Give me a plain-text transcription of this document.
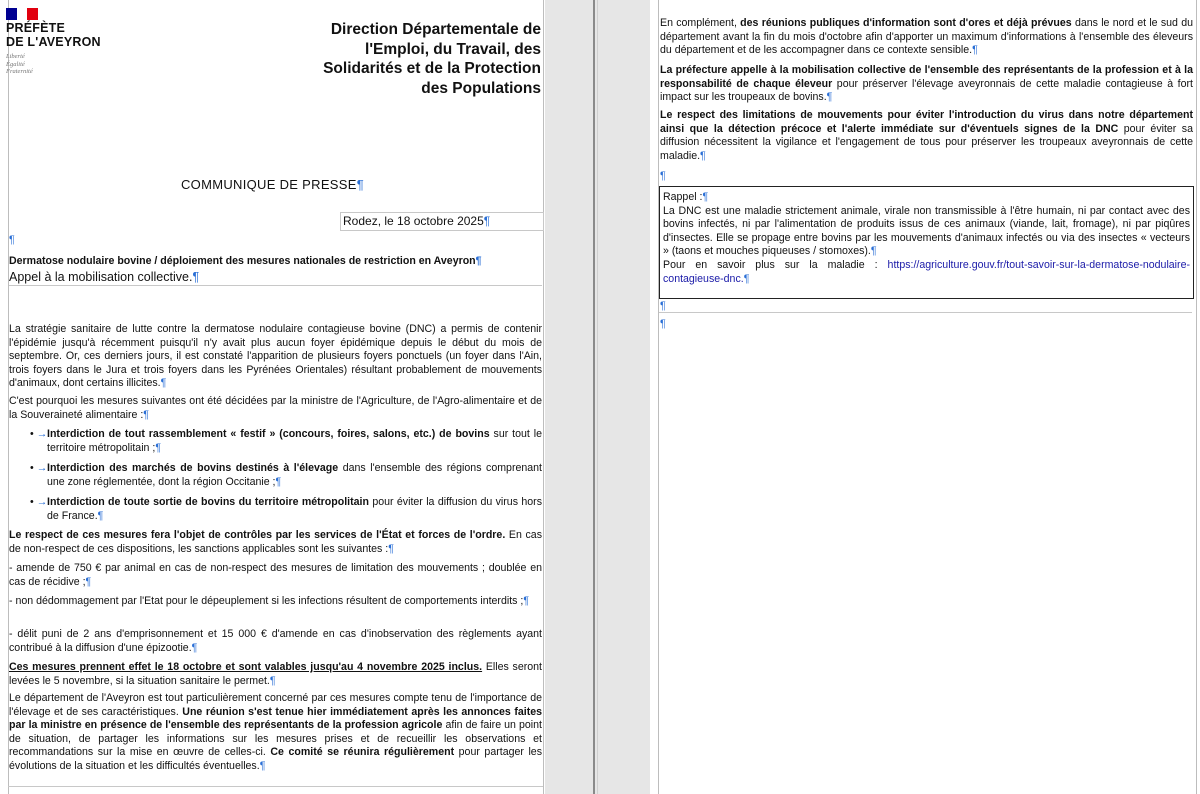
PRÉFÈTE
DE L'AVEYRON
Liberté
Égalité
Fraternité
Direction Départementale de
l'Emploi, du Travail, des
Solidarités et de la Protection
des Populations
COMMUNIQUE DE PRESSE¶
Rodez, le 18 octobre 2025¶
¶
Dermatose nodulaire bovine / déploiement des mesures nationales de restriction en Aveyron¶
Appel à la mobilisation collective.¶
La stratégie sanitaire de lutte contre la dermatose nodulaire contagieuse bovine (DNC) a permis de contenir l'épidémie jusqu'à récemment puisqu'il n'y avait plus aucun foyer épidémique depuis le début du mois de septembre. Or, ces derniers jours, il est constaté l'apparition de plusieurs foyers ponctuels (un foyer dans l'Ain, trois foyers dans le Jura et trois foyers dans les Pyrénées Orientales) résultant probablement de mouvements d'animaux, dont certains illicites.¶
C'est pourquoi les mesures suivantes ont été décidées par la ministre de l'Agriculture, de l'Agro-alimentaire et de la Souveraineté alimentaire :¶
• → Interdiction de tout rassemblement « festif » (concours, foires, salons, etc.) de bovins sur tout le territoire métropolitain ;¶
• → Interdiction des marchés de bovins destinés à l'élevage dans l'ensemble des régions comprenant une zone réglementée, dont la région Occitanie ;¶
• → Interdiction de toute sortie de bovins du territoire métropolitain pour éviter la diffusion du virus hors de France.¶
Le respect de ces mesures fera l'objet de contrôles par les services de l'État et forces de l'ordre. En cas de non-respect de ces dispositions, les sanctions applicables sont les suivantes :¶
- amende de 750 € par animal en cas de non-respect des mesures de limitation des mouvements ; doublée en cas de récidive ;¶
- non dédommagement par l'Etat pour le dépeuplement si les infections résultent de comportements interdits ;¶
- délit puni de 2 ans d'emprisonnement et 15 000 € d'amende en cas d'inobservation des règlements ayant contribué à la diffusion d'une épizootie.¶
Ces mesures prennent effet le 18 octobre et sont valables jusqu'au 4 novembre 2025 inclus. Elles seront levées le 5 novembre, si la situation sanitaire le permet.¶
Le département de l'Aveyron est tout particulièrement concerné par ces mesures compte tenu de l'importance de l'élevage et de ses caractéristiques. Une réunion s'est tenue hier immédiatement après les annonces faites par la ministre en présence de l'ensemble des représentants de la profession agricole afin de faire un point de situation, de partager les informations sur les mesures prises et de recueillir les observations et recommandations sur la mise en œuvre de celles-ci. Ce comité se réunira régulièrement pour partager les évolutions de la situation et les difficultés éventuelles.¶
En complément, des réunions publiques d'information sont d'ores et déjà prévues dans le nord et le sud du département avant la fin du mois d'octobre afin d'apporter un maximum d'informations à l'ensemble des éleveurs du département et de les accompagner dans ce contexte sensible.¶
La préfecture appelle à la mobilisation collective de l'ensemble des représentants de la profession et à la responsabilité de chaque éleveur pour préserver l'élevage aveyronnais de cette maladie contagieuse à fort impact sur les troupeaux de bovins.¶
Le respect des limitations de mouvements pour éviter l'introduction du virus dans notre département ainsi que la détection précoce et l'alerte immédiate sur d'éventuels signes de la DNC pour éviter sa diffusion nécessitent la vigilance et l'engagement de tous pour préserver les troupeaux aveyronnais de cette maladie.¶
¶
Rappel :¶
La DNC est une maladie strictement animale, virale non transmissible à l'être humain, ni par contact avec des bovins infectés, ni par l'alimentation de produits issus de ces animaux (viande, lait, fromage), ni par piqûres d'insectes. Elle se propage entre bovins par les mouvements d'animaux infectés ou via des insectes « vecteurs » (taons et mouches piqueuses / stomoxes).¶
Pour en savoir plus sur la maladie : https://agriculture.gouv.fr/tout-savoir-sur-la-dermatose-nodulaire-contagieuse-dnc.¶
¶
¶
